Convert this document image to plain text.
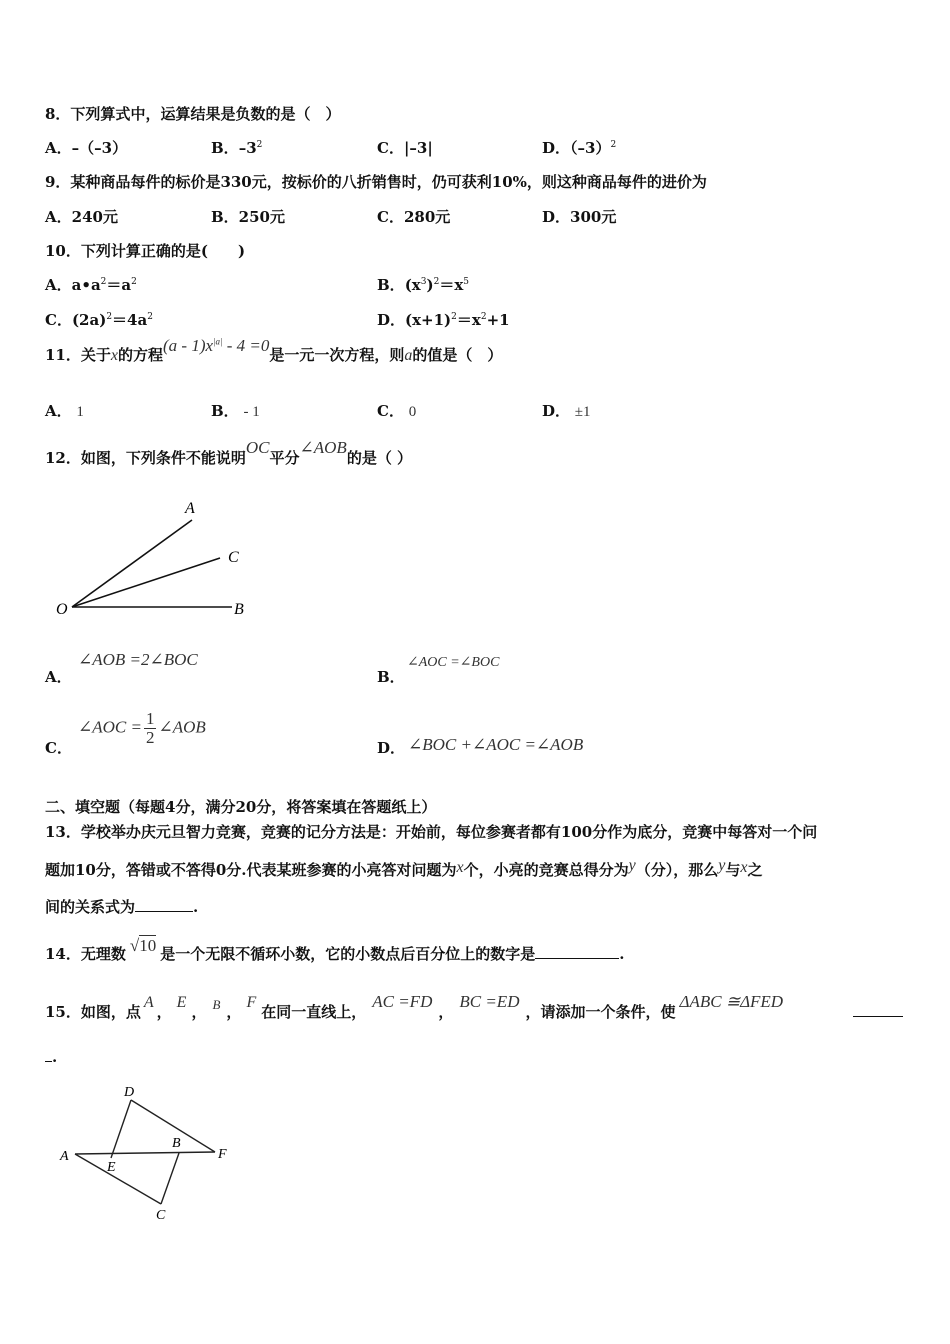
8．下列算式中，运算结果是负数的是（　）
A．–（–3）	B．$-3^2$	C．|–3|	D．$(-3)^2$
9．某种商品每件的标价是330元，按标价的八折销售时，仍可获利10%，则这种商品每件的进价为
A．240元	B．250元	C．280元	D．300元
10．下列计算正确的是(　　)
A．$a•a^2=a^2$	B．$(x^3)^2=x^5$
C．$(2a)^2=4a^2$	D．$(x+1)^2=x^2+1$
11．关于x的方程$(a - 1)x^{|a|} - 4 =0$是一元一次方程，则a的值是（　）
A． 1	B． - 1	C． 0	D． ±1
12．如图，下列条件不能说明OC平分∠AOB的是（ ）
A
C
O	B
A．
∠AOB =2∠BOC
B．
∠AOC =∠BOC
C．
∠AOC = $\frac{1}{2}$ ∠AOB
D． ∠BOC +∠AOC =∠AOB
二、填空题（每题4分，满分20分，将答案填在答题纸上）
13．学校举办庆元旦智力竞赛，竞赛的记分方法是：开始前，每位参赛者都有100分作为底分，竞赛中每答对一个问
题加10分，答错或不答得0分.代表某班参赛的小亮答对问题为x个，小亮的竞赛总得分为y（分），那么y与x之
间的关系式为	.
14．无理数 √10 是一个无限不循环小数，它的小数点后百分位上的数字是	.
15．如图，点A，E， B ，F在同一直线上，AC =FD，BC =ED，请添加一个条件，使ΔABC ≅ΔFED
.
D
A
E
B
F
C
